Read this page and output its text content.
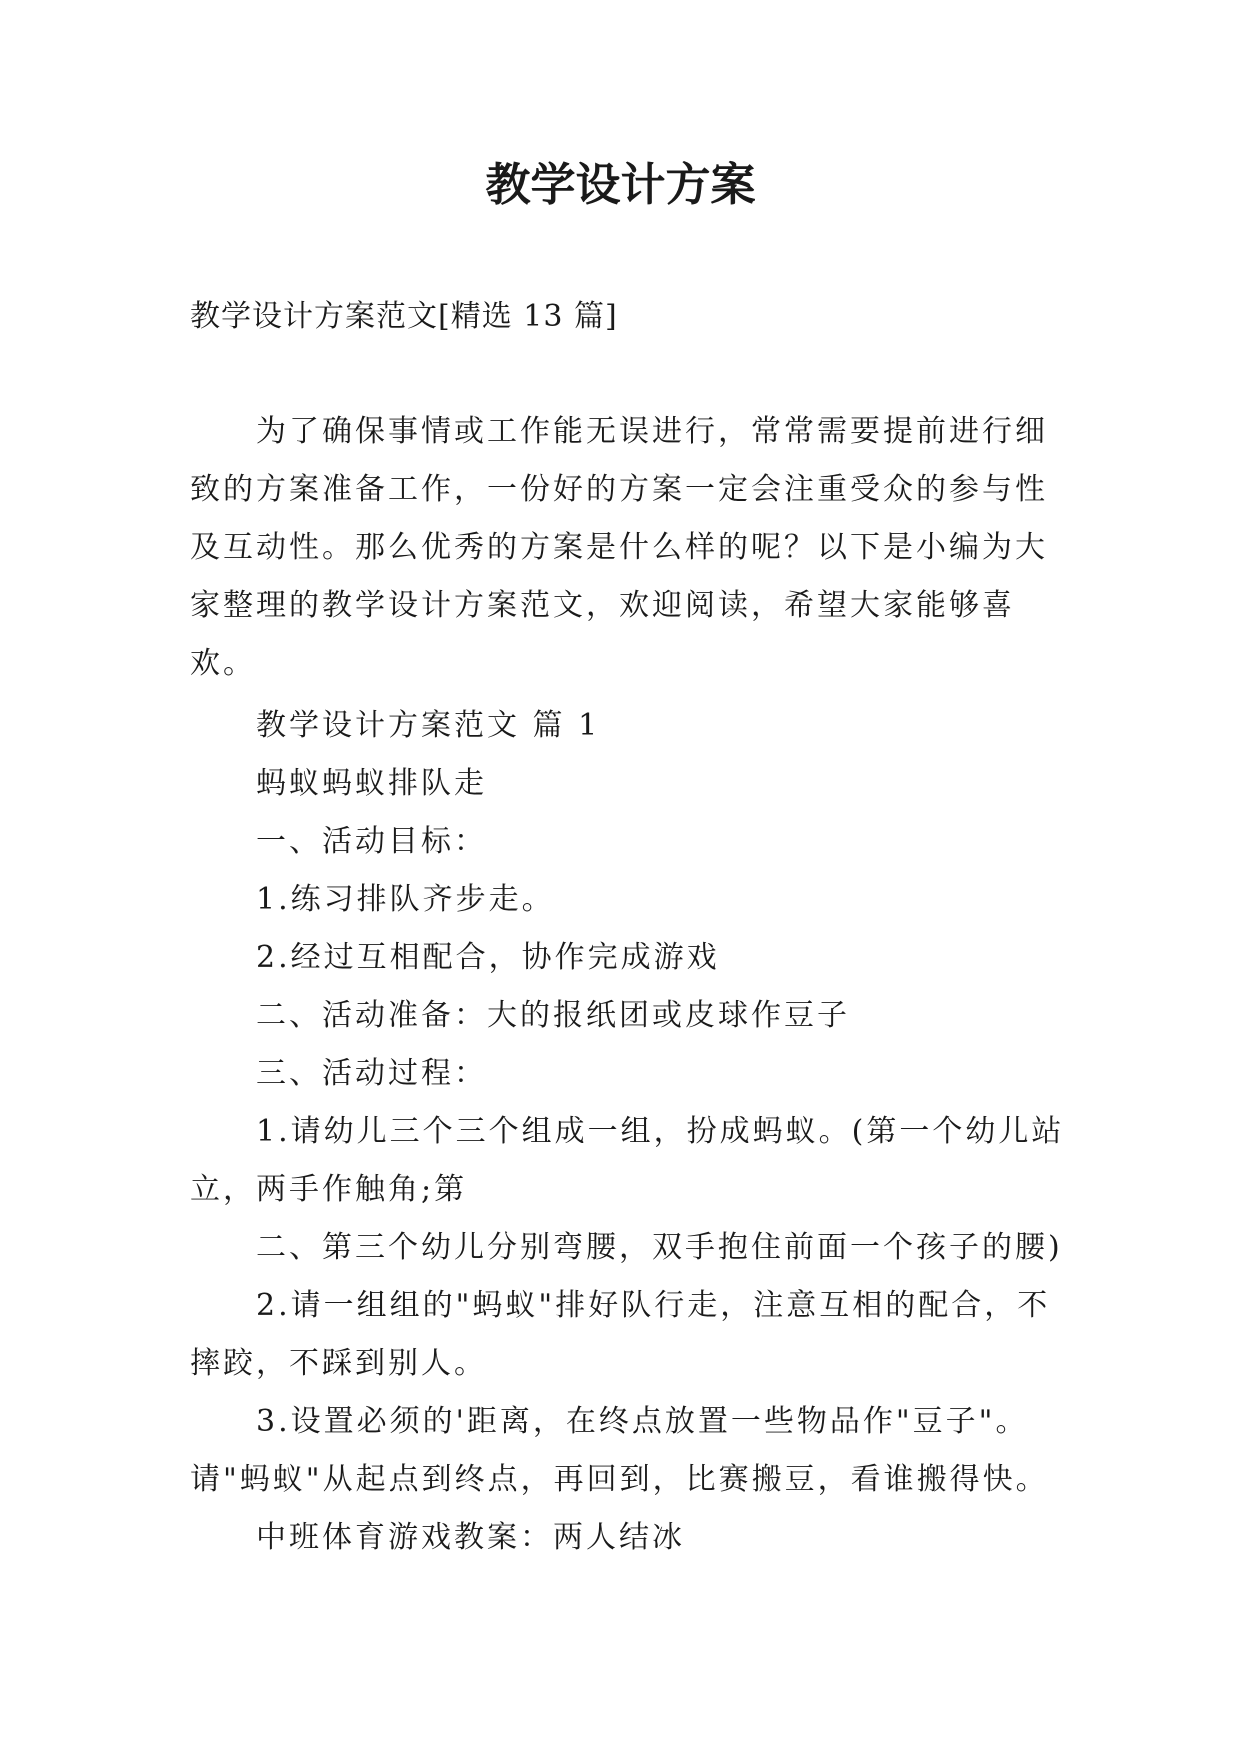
教学设计方案

教学设计方案范文[精选 13 篇]

为了确保事情或工作能无误进行，常常需要提前进行细致的方案准备工作，一份好的方案一定会注重受众的参与性及互动性。那么优秀的方案是什么样的呢？以下是小编为大家整理的教学设计方案范文，欢迎阅读，希望大家能够喜欢。

教学设计方案范文 篇 1

蚂蚁蚂蚁排队走

一、活动目标：

1.练习排队齐步走。

2.经过互相配合，协作完成游戏

二、活动准备：大的报纸团或皮球作豆子

三、活动过程：

1.请幼儿三个三个组成一组，扮成蚂蚁。(第一个幼儿站立，两手作触角;第

二、第三个幼儿分别弯腰，双手抱住前面一个孩子的腰)

2.请一组组的"蚂蚁"排好队行走，注意互相的配合，不摔跤，不踩到别人。

3.设置必须的'距离，在终点放置一些物品作"豆子"。请"蚂蚁"从起点到终点，再回到，比赛搬豆，看谁搬得快。

中班体育游戏教案：两人结冰
